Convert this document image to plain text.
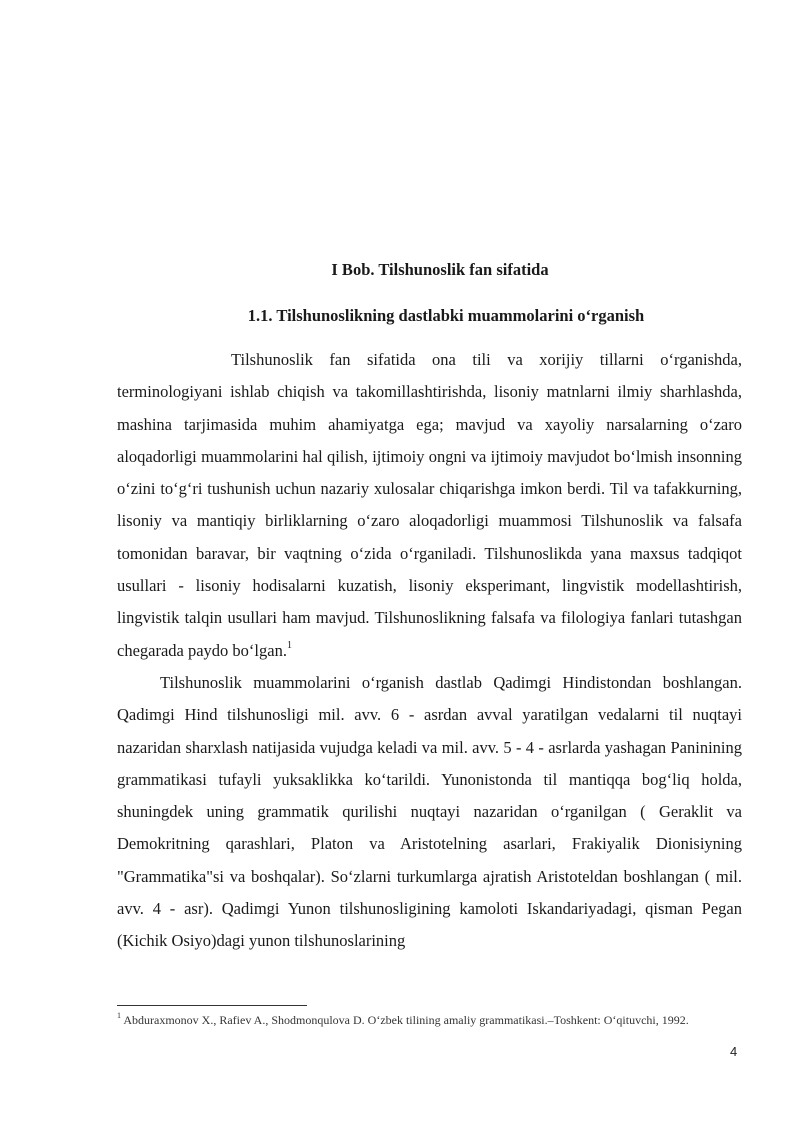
I Bob. Tilshunoslik fan sifatida
1.1. Tilshunoslikning dastlabki muammolarini o‘rganish

Tilshunoslik fan sifatida ona tili va xorijiy tillarni o‘rganishda, terminologiyani ishlab chiqish va takomillashtirishda, lisoniy matnlarni ilmiy sharhlashda, mashina tarjimasida muhim ahamiyatga ega; mavjud va xayoliy narsalarning o‘zaro aloqadorligi muammolarini hal qilish, ijtimoiy ongni va ijtimoiy mavjudot bo‘lmish insonning o‘zini to‘g‘ri tushunish uchun nazariy xulosalar chiqarishga imkon berdi. Til va tafakkurning, lisoniy va mantiqiy birliklarning o‘zaro aloqadorligi muammosi Tilshunoslik va falsafa tomonidan baravar, bir vaqtning o‘zida o‘rganiladi. Tilshunoslikda yana maxsus tadqiqot usullari - lisoniy hodisalarni kuzatish, lisoniy eksperimant, lingvistik modellashtirish, lingvistik talqin usullari ham mavjud. Tilshunoslikning falsafa va filologiya fanlari tutashgan chegarada paydo bo‘lgan.$^1$

Tilshunoslik muammolarini o‘rganish dastlab Qadimgi Hindistondan boshlangan. Qadimgi Hind tilshunosligi mil. avv. 6 - asrdan avval yaratilgan vedalarni til nuqtayi nazaridan sharxlash natijasida vujudga keladi va mil. avv. 5 - 4 - asrlarda yashagan Paninining grammatikasi tufayli yuksaklikka ko‘tarildi. Yunonistonda til mantiqqa bog‘liq holda, shuningdek uning grammatik qurilishi nuqtayi nazaridan o‘rganilgan ( Geraklit va Demokritning qarashlari, Platon va Aristotelning asarlari, Frakiyalik Dionisiyning "Grammatika"si va boshqalar). So‘zlarni turkumlarga ajratish Aristoteldan boshlangan ( mil. avv. 4 - asr). Qadimgi Yunon tilshunosligining kamoloti Iskandariyadagi, qisman Pegan (Kichik Osiyo)dagi yunon tilshunoslarining

$^1$ Abduraxmonov X., Rafiev A., Shodmonqulova D. O‘zbek tilining amaliy grammatikasi.–Toshkent: O‘qituvchi, 1992.
4
